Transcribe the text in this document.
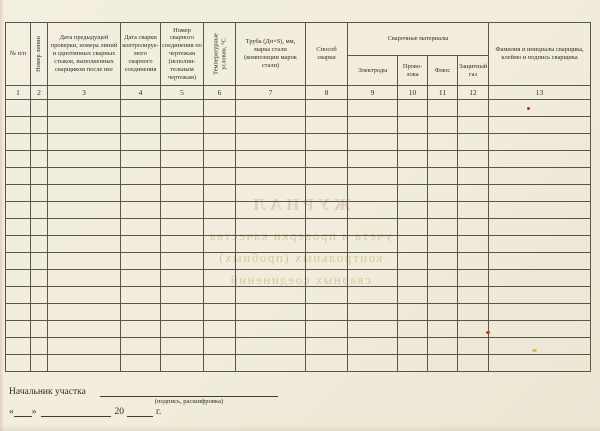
ЖУРНАЛ
учета и проверки качества
контрольных (пробных)
сварных соединений
№ п/п	Номер линии	Дата предыдущей проверки, номера линий и однотипных сварных стыков, выполненных сварщиком после нее	Дата сварки контролируемого сварного соединения	Номер сварного соединения по чертежам (исполнительным чертежам)	Температурные условия, °С	Труба (Дн×S), мм, марка стали (композиции марок стали)	Способ сварки	Сварочные материалы				Фамилия и инициалы сварщика, клеймо и подпись сварщика
								Электроды	Проволока	Флюс	Защитный газ	
1	2	3	4	5	6	7	8	9	10	11	12	13

Начальник участка
(подпись, расшифровка)
« »	20	г.
